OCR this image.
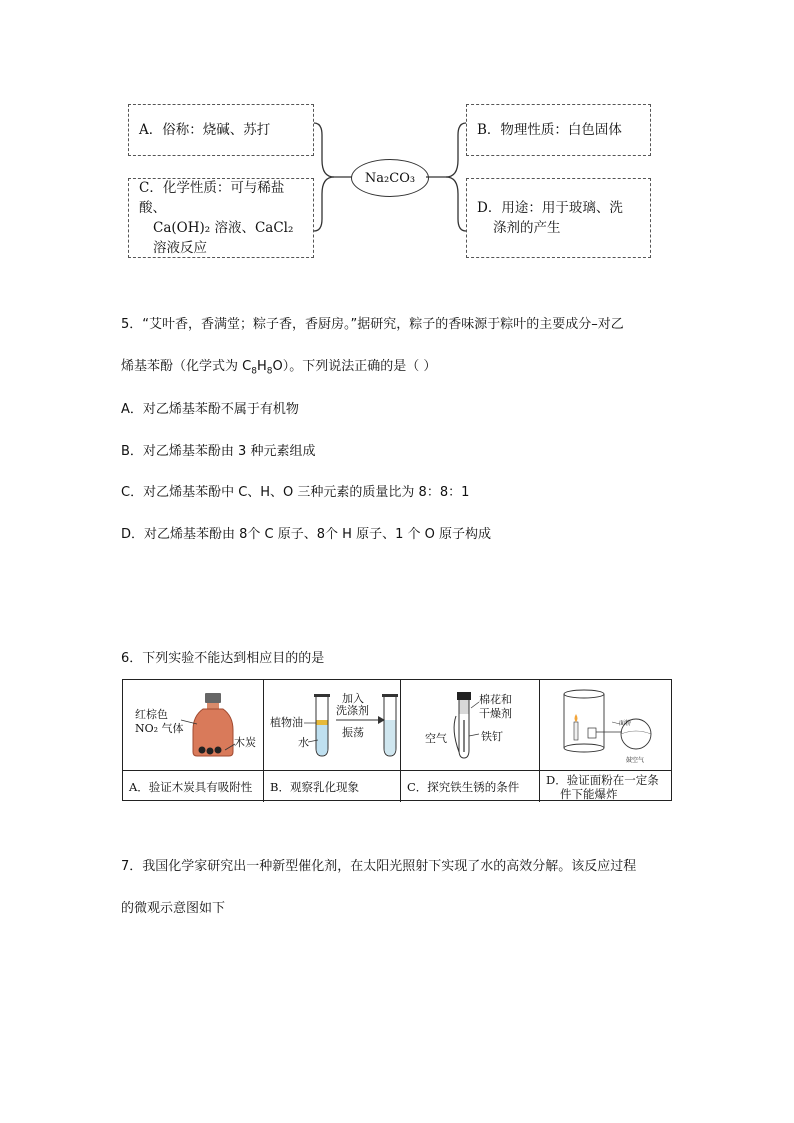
A．俗称：烧碱、苏打
C．化学性质：可与稀盐酸、
Ca(OH)₂ 溶液、CaCl₂
溶液反应
Na₂CO₃
B．物理性质：白色固体
D．用途：用于玻璃、洗
涤剂的产生
5．“艾叶香，香满堂；粽子香，香厨房。”据研究，粽子的香味源于粽叶的主要成分–对乙
烯基苯酚（化学式为 $C_8H_8O$）。下列说法正确的是（ ）
A．对乙烯基苯酚不属于有机物
B．对乙烯基苯酚由 3 种元素组成
C．对乙烯基苯酚中 C、H、O 三种元素的质量比为 8：8：1
D．对乙烯基苯酚由 8个 C 原子、8个 H 原子、1 个 O 原子构成
6．下列实验不能达到相应目的的是
红棕色
NO₂ 气体
木炭
A．验证木炭具有吸附性
植物油
水
加入
洗涤剂
振荡
B．观察乳化现象
棉花和
干燥剂
空气	铁钉
C．探究铁生锈的条件
面粉
鼓空气
D．验证面粉在一定条
件下能爆炸
7．我国化学家研究出一种新型催化剂，在太阳光照射下实现了水的高效分解。该反应过程
的微观示意图如下
